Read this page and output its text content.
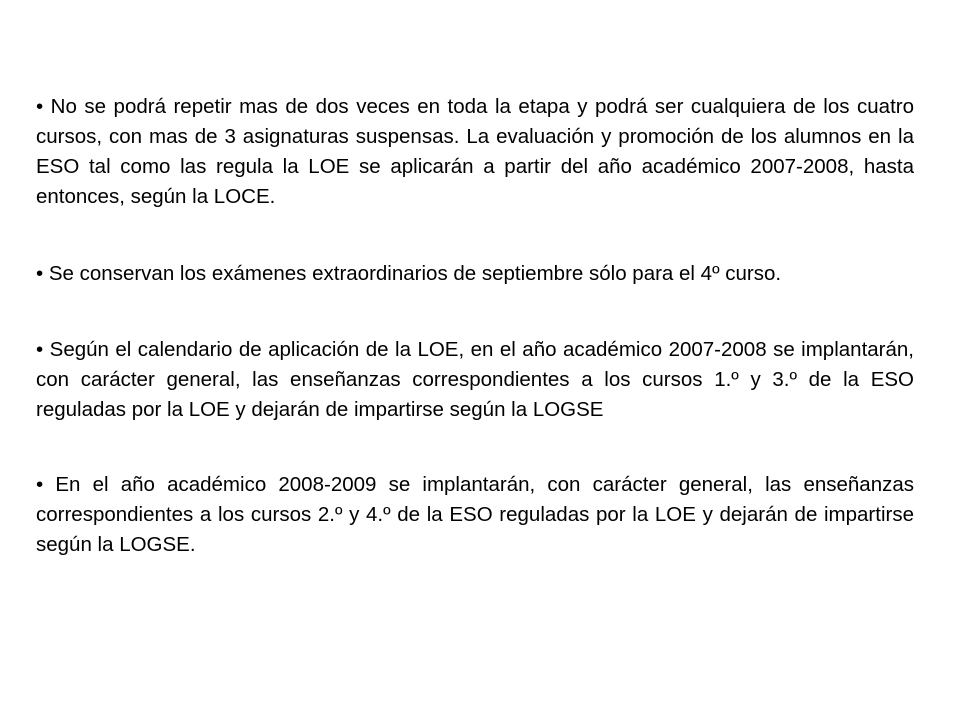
• No se podrá repetir mas de dos veces en toda la etapa y podrá ser cualquiera de los cuatro cursos, con mas de 3 asignaturas suspensas. La evaluación y promoción de los alumnos en la ESO tal como las regula la LOE se aplicarán a partir del año académico 2007-2008, hasta entonces, según la LOCE.

• Se conservan los exámenes extraordinarios de septiembre sólo para el 4º curso.

• Según el calendario de aplicación de la LOE, en el año académico 2007-2008 se implantarán, con carácter general, las enseñanzas correspondientes a los cursos 1.º y 3.º de la ESO reguladas por la LOE y dejarán de impartirse según la LOGSE

• En el año académico 2008-2009 se implantarán, con carácter general, las enseñanzas correspondientes a los cursos 2.º y 4.º de la ESO reguladas por la LOE y dejarán de impartirse según la LOGSE.
